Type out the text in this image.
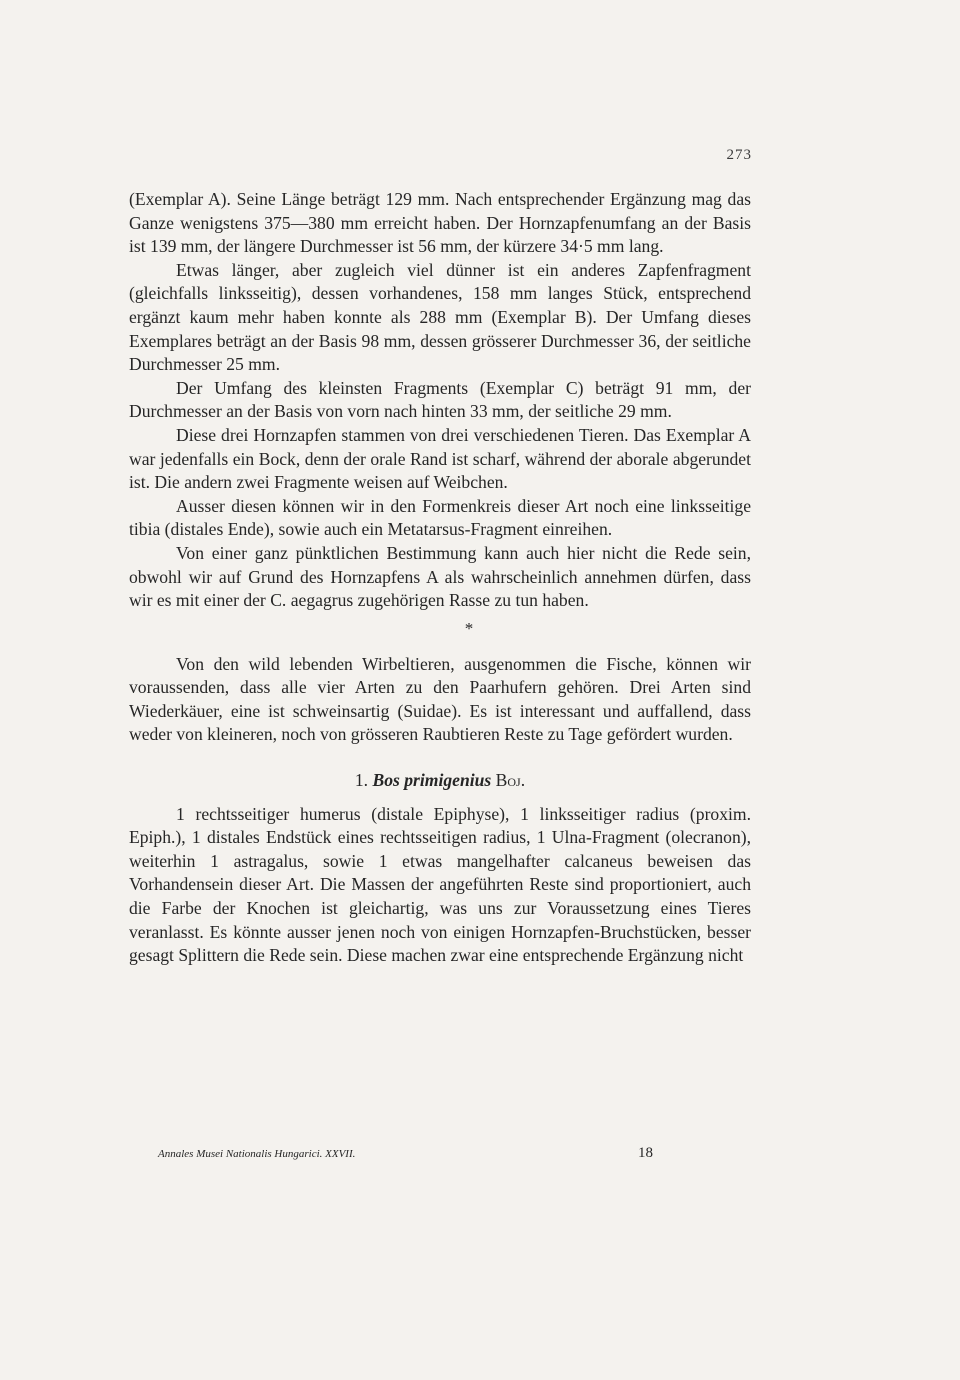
273

(Exemplar A). Seine Länge beträgt 129 mm. Nach entsprechender Ergänzung mag das Ganze wenigstens 375—380 mm erreicht haben. Der Hornzapfenumfang an der Basis ist 139 mm, der längere Durchmesser ist 56 mm, der kürzere 34·5 mm lang.

Etwas länger, aber zugleich viel dünner ist ein anderes Zapfenfragment (gleichfalls linksseitig), dessen vorhandenes, 158 mm langes Stück, entsprechend ergänzt kaum mehr haben konnte als 288 mm (Exemplar B). Der Umfang dieses Exemplares beträgt an der Basis 98 mm, dessen grösserer Durchmesser 36, der seitliche Durchmesser 25 mm.

Der Umfang des kleinsten Fragments (Exemplar C) beträgt 91 mm, der Durchmesser an der Basis von vorn nach hinten 33 mm, der seitliche 29 mm.

Diese drei Hornzapfen stammen von drei verschiedenen Tieren. Das Exemplar A war jedenfalls ein Bock, denn der orale Rand ist scharf, während der aborale abgerundet ist. Die andern zwei Fragmente weisen auf Weibchen.

Ausser diesen können wir in den Formenkreis dieser Art noch eine linksseitige tibia (distales Ende), sowie auch ein Metatarsus-Fragment einreihen.

Von einer ganz pünktlichen Bestimmung kann auch hier nicht die Rede sein, obwohl wir auf Grund des Hornzapfens A als wahrscheinlich annehmen dürfen, dass wir es mit einer der C. aegagrus zugehörigen Rasse zu tun haben.

*

Von den wild lebenden Wirbeltieren, ausgenommen die Fische, können wir voraussenden, dass alle vier Arten zu den Paarhufern gehören. Drei Arten sind Wiederkäuer, eine ist schweinsartig (Suidae). Es ist interessant und auffallend, dass weder von kleineren, noch von grösseren Raubtieren Reste zu Tage gefördert wurden.

1. Bos primigenius Boj.

1 rechtsseitiger humerus (distale Epiphyse), 1 linksseitiger radius (proxim. Epiph.), 1 distales Endstück eines rechtsseitigen radius, 1 Ulna-Fragment (olecranon), weiterhin 1 astragalus, sowie 1 etwas mangelhafter calcaneus beweisen das Vorhandensein dieser Art. Die Massen der angeführten Reste sind proportioniert, auch die Farbe der Knochen ist gleichartig, was uns zur Voraussetzung eines Tieres veranlasst. Es könnte ausser jenen noch von einigen Hornzapfen-Bruchstücken, besser gesagt Splittern die Rede sein. Diese machen zwar eine entsprechende Ergänzung nicht

Annales Musei Nationalis Hungarici. XXVII.	18
